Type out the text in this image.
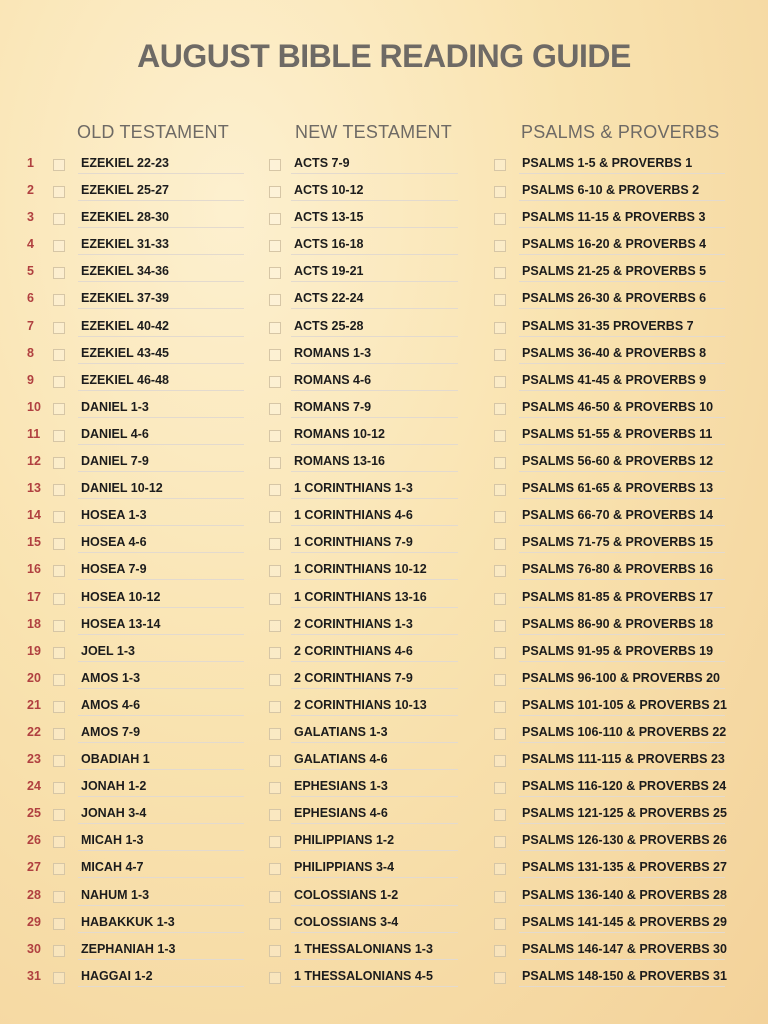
AUGUST BIBLE READING GUIDE
OLD TESTAMENT	NEW TESTAMENT	PSALMS & PROVERBS
1	EZEKIEL 22-23	ACTS 7-9	PSALMS 1-5 & PROVERBS 1
2	EZEKIEL 25-27	ACTS 10-12	PSALMS 6-10 & PROVERBS 2
3	EZEKIEL 28-30	ACTS 13-15	PSALMS 11-15 & PROVERBS 3
4	EZEKIEL 31-33	ACTS 16-18	PSALMS 16-20 & PROVERBS 4
5	EZEKIEL 34-36	ACTS 19-21	PSALMS 21-25 & PROVERBS 5
6	EZEKIEL 37-39	ACTS 22-24	PSALMS 26-30 & PROVERBS 6
7	EZEKIEL 40-42	ACTS 25-28	PSALMS 31-35 PROVERBS 7
8	EZEKIEL 43-45	ROMANS 1-3	PSALMS 36-40 & PROVERBS 8
9	EZEKIEL 46-48	ROMANS 4-6	PSALMS 41-45 & PROVERBS 9
10	DANIEL 1-3	ROMANS 7-9	PSALMS 46-50 & PROVERBS 10
11	DANIEL 4-6	ROMANS 10-12	PSALMS 51-55 & PROVERBS 11
12	DANIEL 7-9	ROMANS 13-16	PSALMS 56-60 & PROVERBS 12
13	DANIEL 10-12	1 CORINTHIANS 1-3	PSALMS 61-65 & PROVERBS 13
14	HOSEA 1-3	1 CORINTHIANS 4-6	PSALMS 66-70 & PROVERBS 14
15	HOSEA 4-6	1 CORINTHIANS 7-9	PSALMS 71-75 & PROVERBS 15
16	HOSEA 7-9	1 CORINTHIANS 10-12	PSALMS 76-80 & PROVERBS 16
17	HOSEA 10-12	1 CORINTHIANS 13-16	PSALMS 81-85 & PROVERBS 17
18	HOSEA 13-14	2 CORINTHIANS 1-3	PSALMS 86-90 & PROVERBS 18
19	JOEL 1-3	2 CORINTHIANS 4-6	PSALMS 91-95 & PROVERBS 19
20	AMOS 1-3	2 CORINTHIANS 7-9	PSALMS 96-100 & PROVERBS 20
21	AMOS 4-6	2 CORINTHIANS 10-13	PSALMS 101-105 & PROVERBS 21
22	AMOS 7-9	GALATIANS 1-3	PSALMS 106-110 & PROVERBS 22
23	OBADIAH 1	GALATIANS 4-6	PSALMS 111-115 & PROVERBS 23
24	JONAH 1-2	EPHESIANS 1-3	PSALMS 116-120 & PROVERBS 24
25	JONAH 3-4	EPHESIANS 4-6	PSALMS 121-125 & PROVERBS 25
26	MICAH 1-3	PHILIPPIANS 1-2	PSALMS 126-130 & PROVERBS 26
27	MICAH 4-7	PHILIPPIANS 3-4	PSALMS 131-135 & PROVERBS 27
28	NAHUM 1-3	COLOSSIANS 1-2	PSALMS 136-140 & PROVERBS 28
29	HABAKKUK 1-3	COLOSSIANS 3-4	PSALMS 141-145 & PROVERBS 29
30	ZEPHANIAH 1-3	1 THESSALONIANS 1-3	PSALMS 146-147 & PROVERBS 30
31	HAGGAI 1-2	1 THESSALONIANS 4-5	PSALMS 148-150 & PROVERBS 31
